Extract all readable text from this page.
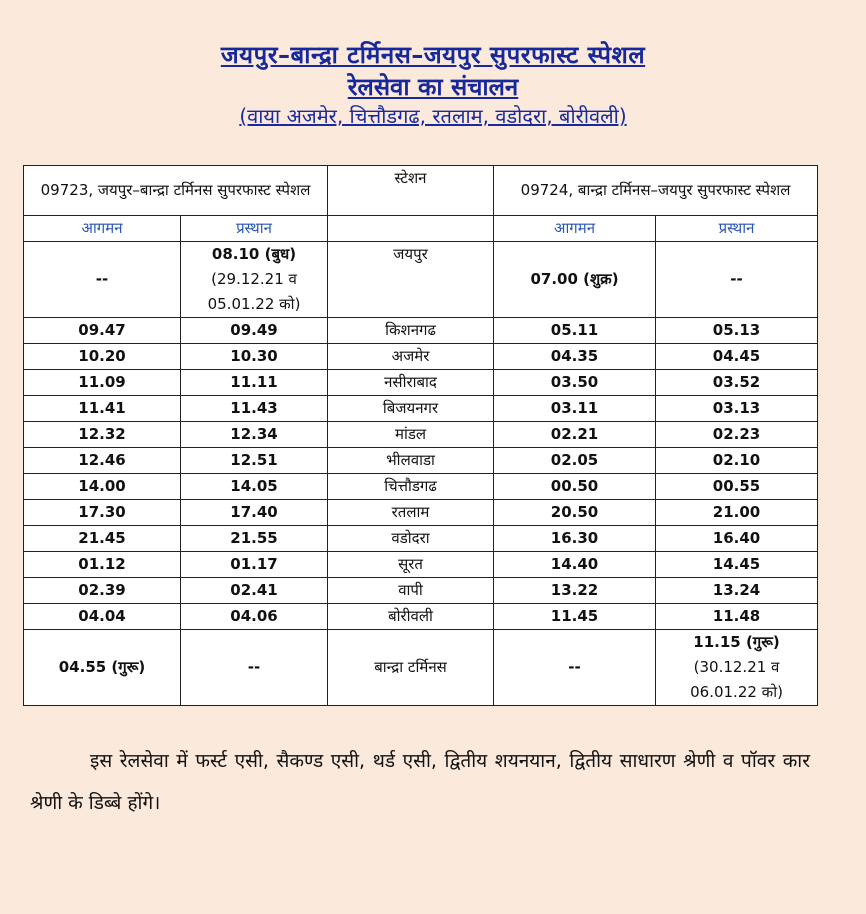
जयपुर–बान्द्रा टर्मिनस–जयपुर सुपरफास्ट स्पेशल
रेलसेवा का संचालन
(वाया अजमेर, चित्तौडगढ, रतलाम, वडोदरा, बोरीवली)
09723, जयपुर–बान्द्रा टर्मिनस सुपरफास्ट स्पेशल		स्टेशन	09724, बान्द्रा टर्मिनस–जयपुर सुपरफास्ट स्पेशल	
आगमन	प्रस्थान		आगमन	प्रस्थान
--	08.10 (बुध)
(29.12.21 व
05.01.22 को)	जयपुर	07.00 (शुक्र)	--
09.47	09.49	किशनगढ	05.11	05.13
10.20	10.30	अजमेर	04.35	04.45
11.09	11.11	नसीराबाद	03.50	03.52
11.41	11.43	बिजयनगर	03.11	03.13
12.32	12.34	मांडल	02.21	02.23
12.46	12.51	भीलवाडा	02.05	02.10
14.00	14.05	चित्तौडगढ	00.50	00.55
17.30	17.40	रतलाम	20.50	21.00
21.45	21.55	वडोदरा	16.30	16.40
01.12	01.17	सूरत	14.40	14.45
02.39	02.41	वापी	13.22	13.24
04.04	04.06	बोरीवली	11.45	11.48
04.55 (गुरू)	--	बान्द्रा टर्मिनस	--	11.15 (गुरू)
(30.12.21 व
06.01.22 को)
इस रेलसेवा में फर्स्ट एसी, सैकण्ड एसी, थर्ड एसी, द्वितीय शयनयान, द्वितीय साधारण श्रेणी व पॉवर कार श्रेणी के डिब्बे होंगे।
